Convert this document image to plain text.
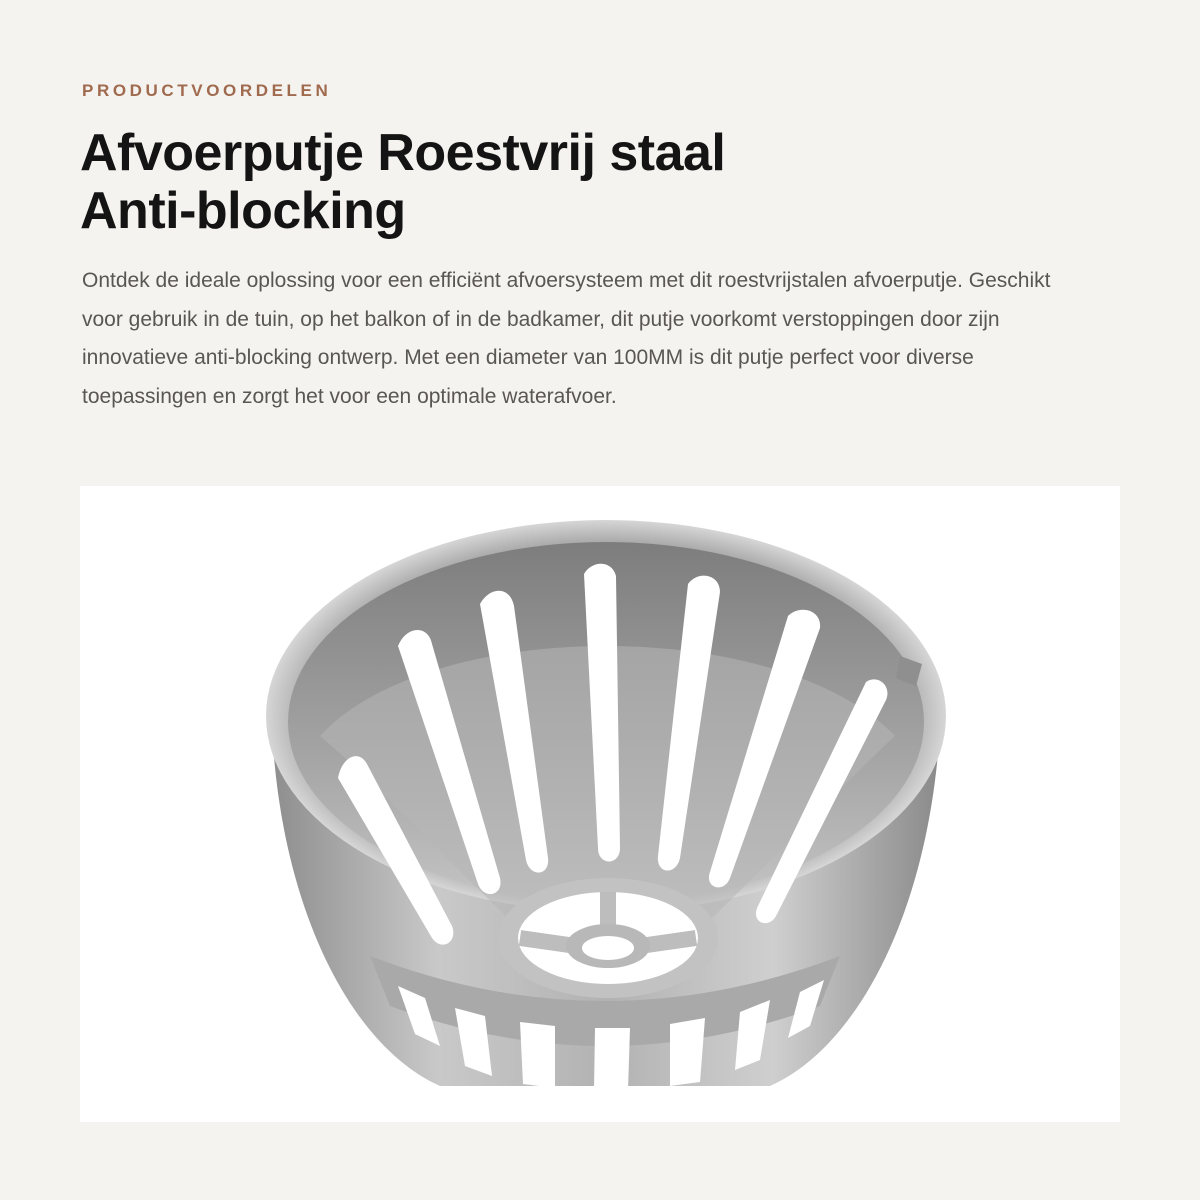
PRODUCTVOORDELEN

Afvoerputje Roestvrij staal Anti-blocking

Ontdek de ideale oplossing voor een efficiënt afvoersysteem met dit roestvrijstalen afvoerputje. Geschikt voor gebruik in de tuin, op het balkon of in de badkamer, dit putje voorkomt verstoppingen door zijn innovatieve anti-blocking ontwerp. Met een diameter van 100MM is dit putje perfect voor diverse toepassingen en zorgt het voor een optimale waterafvoer.
